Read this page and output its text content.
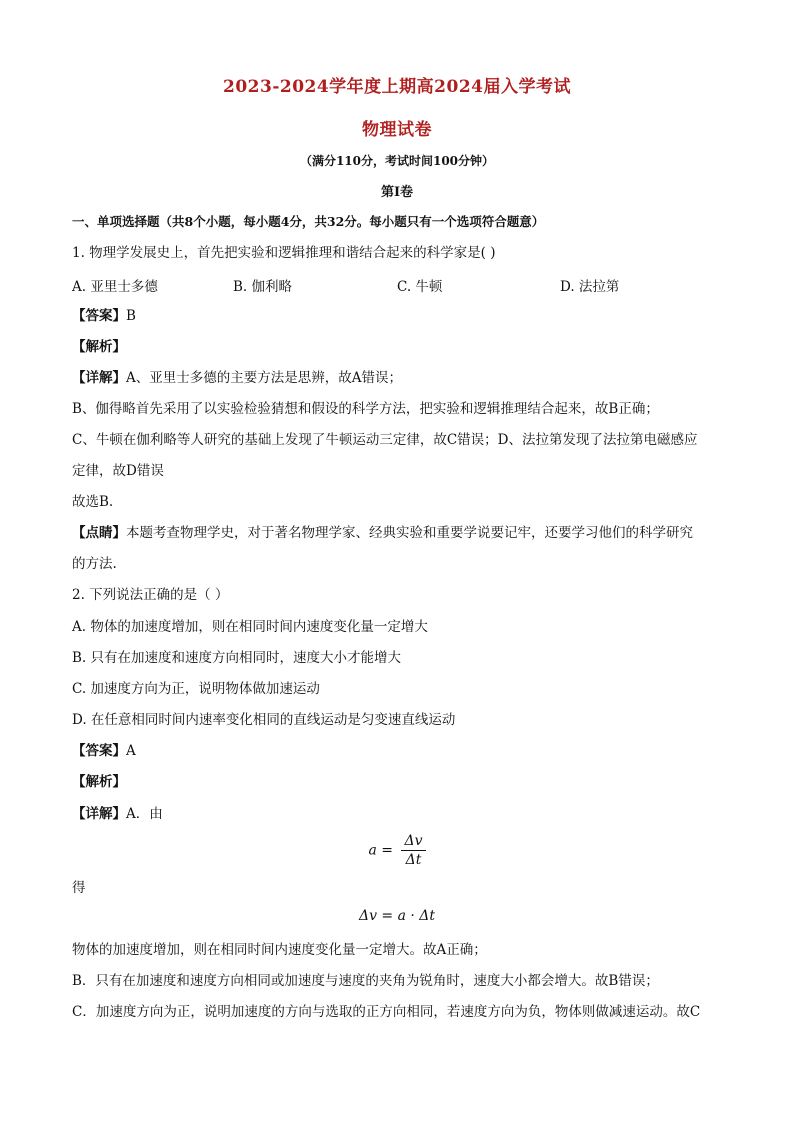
2023-2024学年度上期高2024届入学考试
物理试卷
（满分110分，考试时间100分钟）
第Ⅰ卷
一、单项选择题（共8个小题，每小题4分，共32分。每小题只有一个选项符合题意）
1. 物理学发展史上，首先把实验和逻辑推理和谐结合起来的科学家是( )
A. 亚里士多德	B. 伽利略	C. 牛顿	D. 法拉第
【答案】B
【解析】
【详解】A、亚里士多德的主要方法是思辨，故A错误；
B、伽得略首先采用了以实验检验猜想和假设的科学方法，把实验和逻辑推理结合起来，故B正确；
C、牛顿在伽利略等人研究的基础上发现了牛顿运动三定律，故C错误；D、法拉第发现了法拉第电磁感应
定律，故D错误
故选B.
【点睛】本题考查物理学史，对于著名物理学家、经典实验和重要学说要记牢，还要学习他们的科学研究
的方法.
2. 下列说法正确的是（ ）
A. 物体的加速度增加，则在相同时间内速度变化量一定增大
B. 只有在加速度和速度方向相同时，速度大小才能增大
C. 加速度方向为正，说明物体做加速运动
D. 在任意相同时间内速率变化相同的直线运动是匀变速直线运动
【答案】A
【解析】
【详解】A．由
$a = \frac{\Delta v}{\Delta t}$
得
Δv = a · Δt
物体的加速度增加，则在相同时间内速度变化量一定增大。故A正确；
B．只有在加速度和速度方向相同或加速度与速度的夹角为锐角时，速度大小都会增大。故B错误；
C．加速度方向为正，说明加速度的方向与选取的正方向相同，若速度方向为负，物体则做减速运动。故C
